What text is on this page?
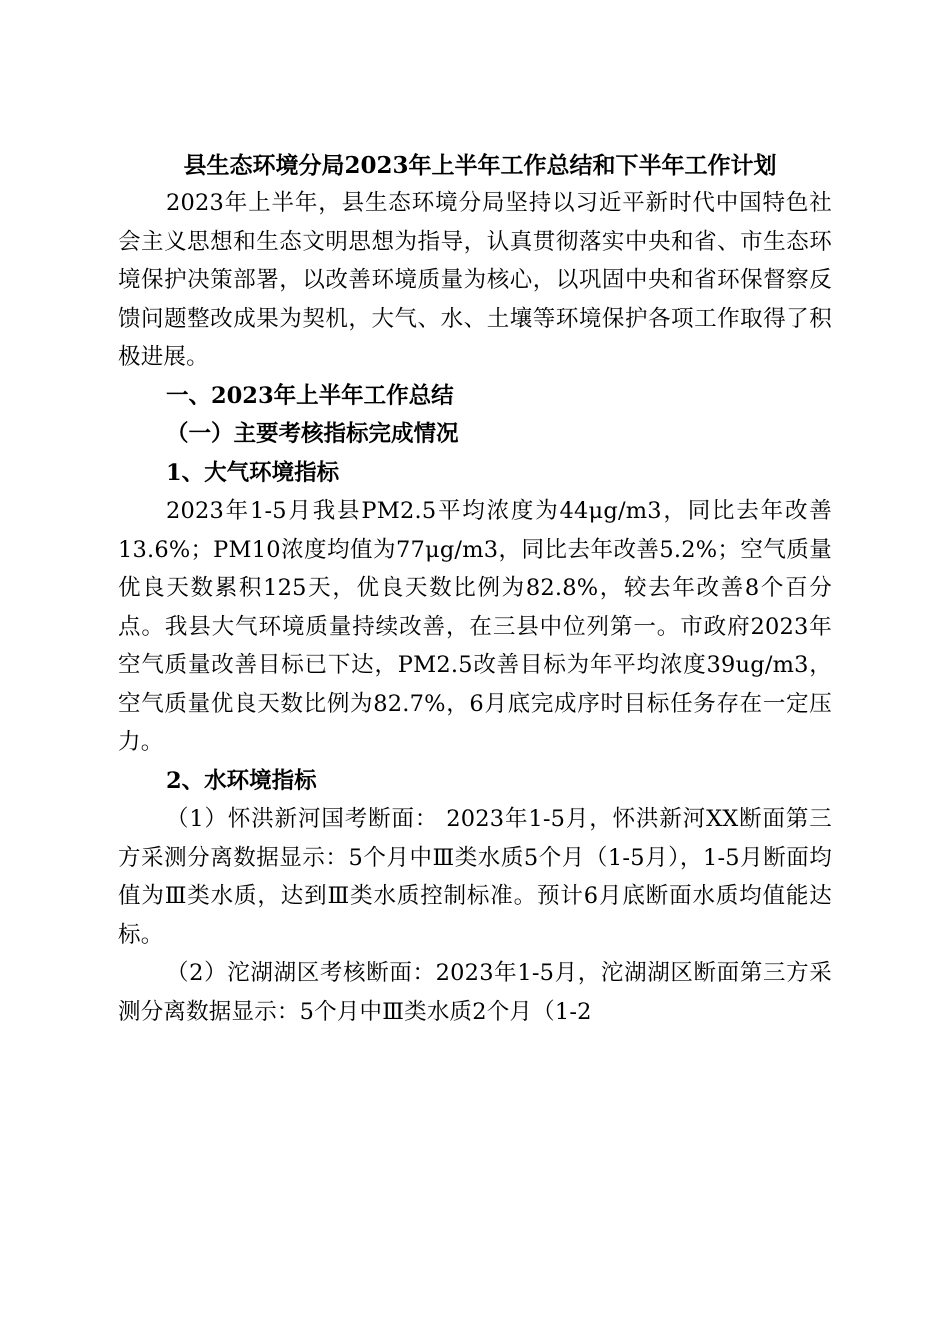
县生态环境分局2023年上半年工作总结和下半年工作计划

2023年上半年，县生态环境分局坚持以习近平新时代中国特色社会主义思想和生态文明思想为指导，认真贯彻落实中央和省、市生态环境保护决策部署，以改善环境质量为核心，以巩固中央和省环保督察反馈问题整改成果为契机，大气、水、土壤等环境保护各项工作取得了积极进展。

一、2023年上半年工作总结

（一）主要考核指标完成情况

1、大气环境指标

2023年1-5月我县PM2.5平均浓度为44μg/m3，同比去年改善13.6%；PM10浓度均值为77μg/m3，同比去年改善5.2%；空气质量优良天数累积125天，优良天数比例为82.8%，较去年改善8个百分点。我县大气环境质量持续改善，在三县中位列第一。市政府2023年空气质量改善目标已下达，PM2.5改善目标为年平均浓度39ug/m3，空气质量优良天数比例为82.7%，6月底完成序时目标任务存在一定压力。

2、水环境指标

（1）怀洪新河国考断面： 2023年1-5月，怀洪新河XX断面第三方采测分离数据显示：5个月中Ⅲ类水质5个月（1-5月），1-5月断面均值为Ⅲ类水质，达到Ⅲ类水质控制标准。预计6月底断面水质均值能达标。

（2）沱湖湖区考核断面：2023年1-5月，沱湖湖区断面第三方采测分离数据显示：5个月中Ⅲ类水质2个月（1-2
